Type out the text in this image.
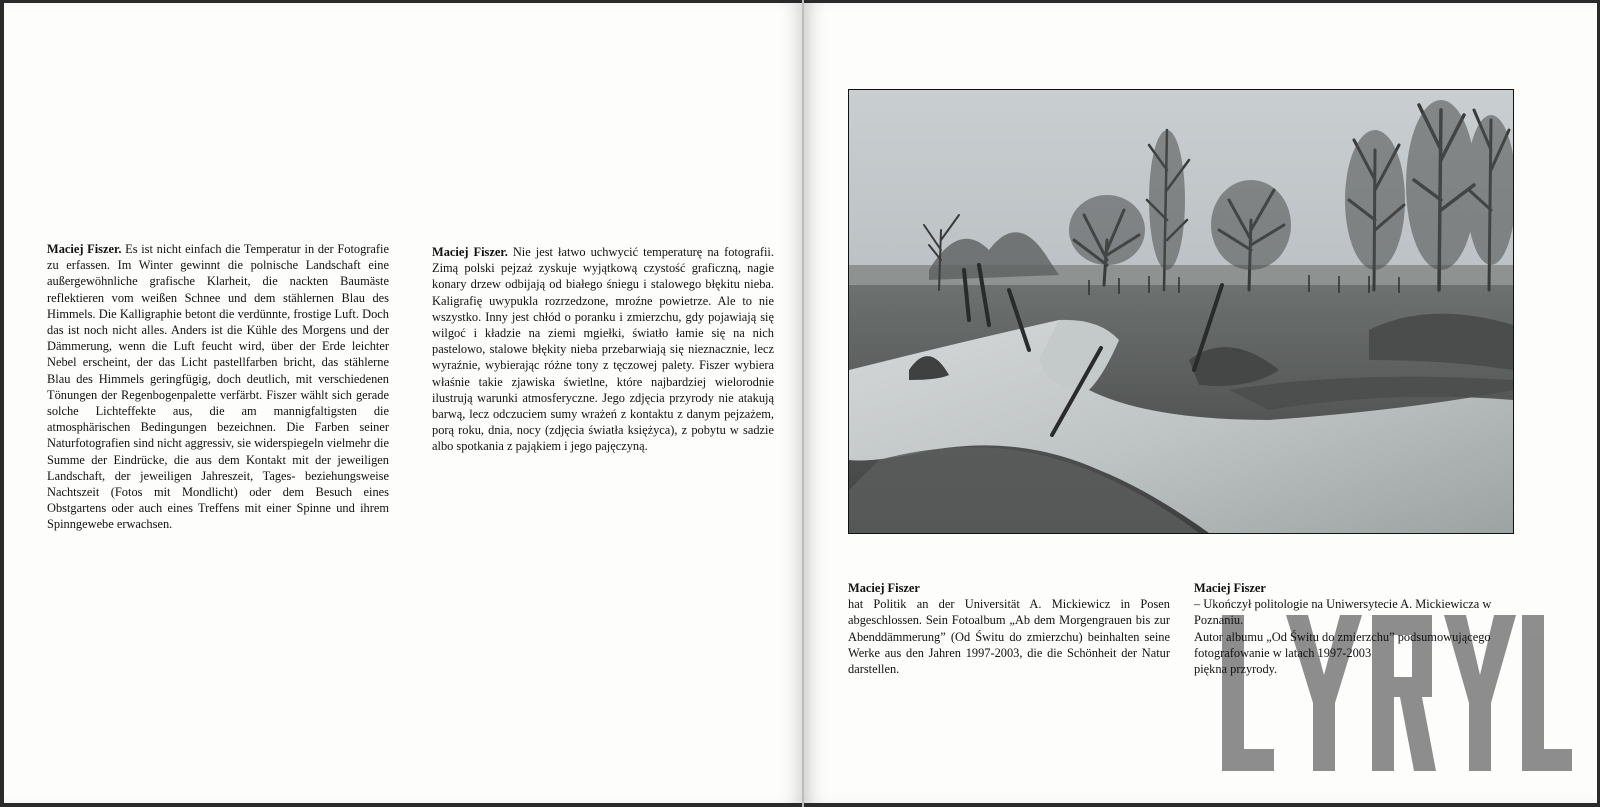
Maciej Fiszer. Es ist nicht einfach die Temperatur in der Fotografie zu erfassen. Im Winter gewinnt die polnische Landschaft eine außergewöhnliche grafische Klarheit, die nackten Baumäste reflektieren vom weißen Schnee und dem stählernen Blau des Himmels. Die Kalligraphie betont die verdünnte, frostige Luft. Doch das ist noch nicht alles. Anders ist die Kühle des Morgens und der Dämmerung, wenn die Luft feucht wird, über der Erde leichter Nebel erscheint, der das Licht pastellfarben bricht, das stählerne Blau des Himmels geringfügig, doch deutlich, mit verschiedenen Tönungen der Regenbogenpalette verfärbt. Fiszer wählt sich gerade solche Lichteffekte aus, die am mannigfaltigsten die atmosphärischen Bedingungen bezeichnen. Die Farben seiner Naturfotografien sind nicht aggressiv, sie widerspiegeln vielmehr die Summe der Eindrücke, die aus dem Kontakt mit der jeweiligen Landschaft, der jeweiligen Jahreszeit, Tages- beziehungsweise Nachtszeit (Fotos mit Mondlicht) oder dem Besuch eines Obstgartens oder auch eines Treffens mit einer Spinne und ihrem Spinngewebe erwachsen.
Maciej Fiszer. Nie jest łatwo uchwycić temperaturę na fotografii. Zimą polski pejzaż zyskuje wyjątkową czystość graficzną, nagie konary drzew odbijają od białego śniegu i stalowego błękitu nieba. Kaligrafię uwypukla rozrzedzone, mroźne powietrze. Ale to nie wszystko. Inny jest chłód o poranku i zmierzchu, gdy pojawiają się wilgoć i kładzie na ziemi mgiełki, światło łamie się na nich pastelowo, stalowe błękity nieba przebarwiają się nieznacznie, lecz wyraźnie, wybierając różne tony z tęczowej palety. Fiszer wybiera właśnie takie zjawiska świetlne, które najbardziej wielorodnie ilustrują warunki atmosferyczne. Jego zdjęcia przyrody nie atakują barwą, lecz odczuciem sumy wrażeń z kontaktu z danym pejzażem, porą roku, dnia, nocy (zdjęcia światła księżyca), z pobytu w sadzie albo spotkania z pająkiem i jego pajęczyną.
Maciej Fiszer
hat Politik an der Universität A. Mickiewicz in Posen abgeschlossen. Sein Fotoalbum „Ab dem Morgengrauen bis zur Abenddämmerung” (Od Świtu do zmierzchu) beinhalten seine Werke aus den Jahren 1997-2003, die die Schönheit der Natur darstellen.
LYRYL
Maciej Fiszer
– Ukończył politologie na Uniwersytecie A. Mickiewicza w Poznaniu.
Autor albumu „Od Świtu do zmierzchu” podsumowującego fotografowanie w latach 1997-2003
piękna przyrody.
